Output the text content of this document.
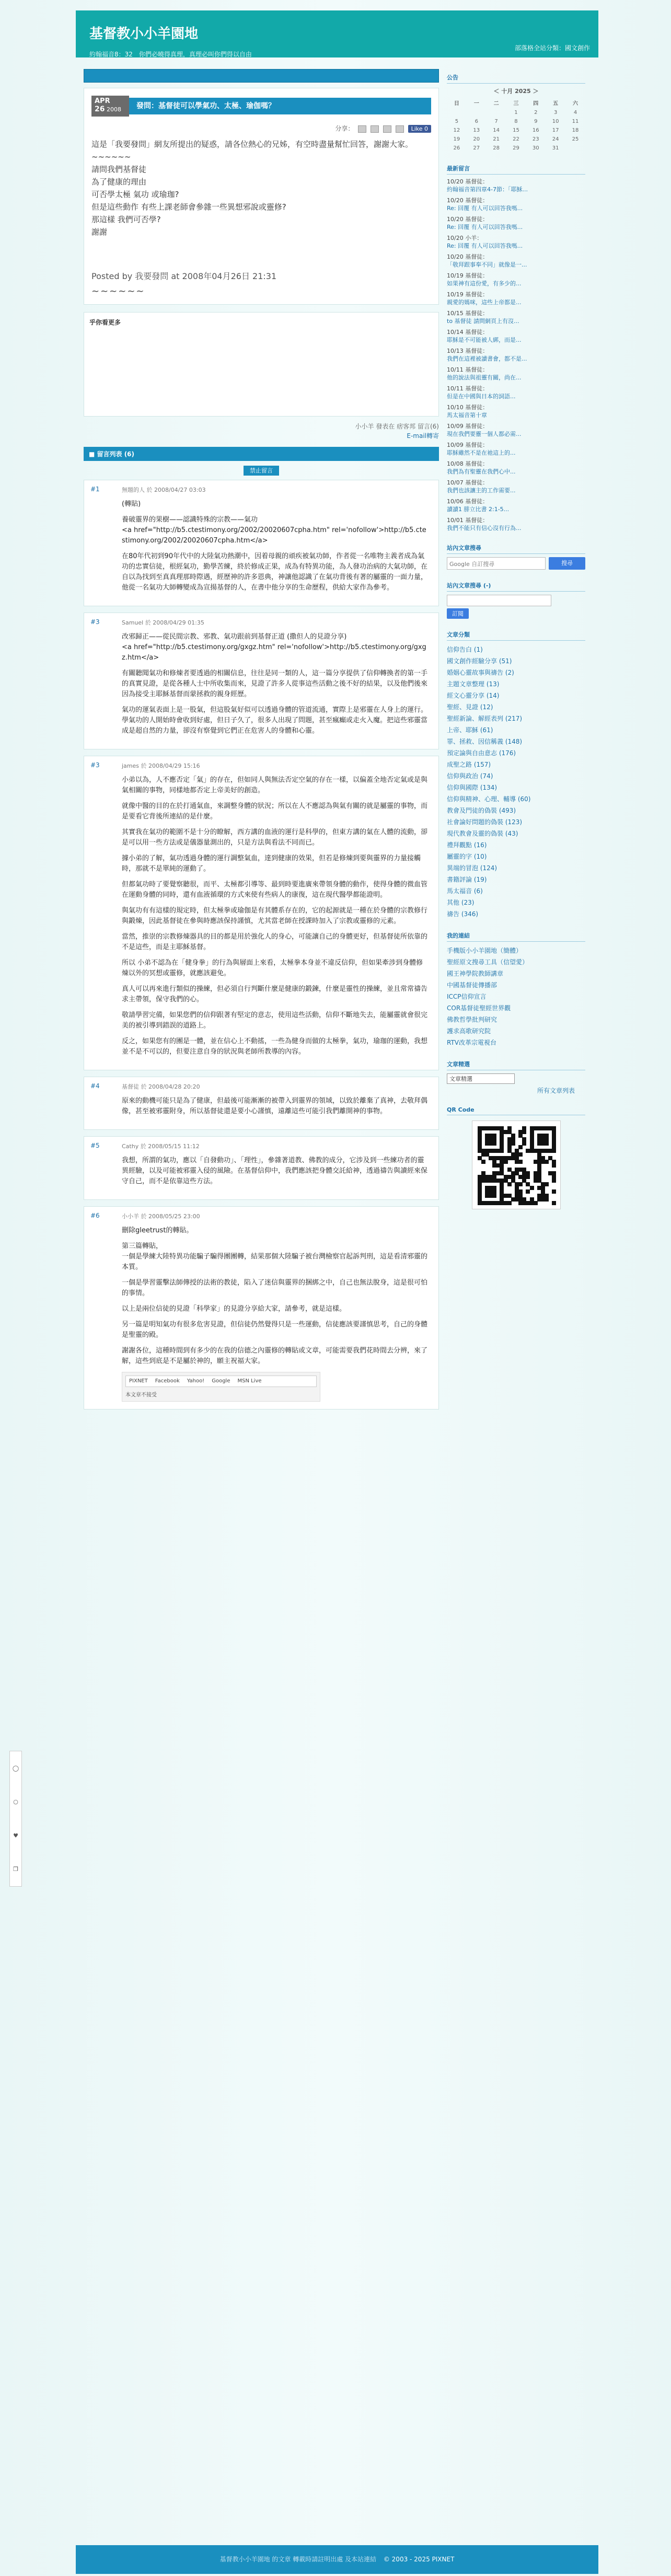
基督教小小羊園地
約翰福音8：32　你們必曉得真理，真理必叫你們得以自由
部落格全站分類：國文創作
APR
26 2008	發問：基督徒可以學氣功、太極、瑜伽嗎？
分享：	Like 0

這是「我要發問」網友所提出的疑惑，請各位熱心的兄姊，有空時盡量幫忙回答，謝謝大家。

~~~~~~

請問我們基督徒

為了健康的理由

可否學太極 氣功 或瑜珈?

但是這些動作 有些上課老師會參雜一些異想邪說或靈修?

那這樣 我們可否學?

謝謝

Posted by 我要發問 at 2008年04月26日 21:31
~~~~~~
乎你看更多
小小羊 發表在 痞客邦 留言(6)
E-mail轉寄
■ 留言列表 (6)
禁止留言
#1	無題的人 於 2008/04/27 03:03

(轉貼)

養破靈界的果樹——認識特殊的宗教——氣功
<a href="http://b5.ctestimony.org/2002/20020607cpha.htm" rel='nofollow'>http://b5.ctestimony.org/2002/20020607cpha.htm</a>

在80年代初到90年代中的大陸氣功熱潮中，因着母親的頑疾被氣功師，作者從一名唯物主義者成為氣功的忠實信徒，根經氣功，勤學苦練，終於修成正果，成為有特異功能，為人發功治病的大氣功師，在自以為找到至真真理那時際遇，經歷神的許多恩典，神讓他認識了在氣功背後有著的屬靈的一面力量，他從一名氣功大師轉變成為宣揚基督的人，在書中他分享的生命歷程，供給大家作為參考。

#3	Samuel 於 2008/04/29 01:35

改邪歸正——從民間宗教、邪教、氣功跟前到基督正道 (撒但人的見證分享)
<a href="http://b5.ctestimony.org/gxgz.htm" rel='nofollow'>http://b5.ctestimony.org/gxgz.htm</a>

有關聽聞氣功和修煉者要透過的相關信息，往往是同一類的人，這一篇分享提供了信仰轉換者的第一手的真實見證，是從各種人士中所收集而來，見證了許多人從事這些活動之後不好的結果，以及他們後來因為接受主耶穌基督而蒙拯救的親身經歷。

氣功的運氣表面上是一股氣，但這股氣好似可以透過身體的管道流通，實際上是邪靈在人身上的運行。學氣功的人開始時會收到好處，但日子久了，很多人出現了問題，甚至瘋癲或走火入魔。把這些邪靈當成是超自然的力量，卻沒有察覺到它們正在危害人的身體和心靈。

#3	james 於 2008/04/29 15:16

小弟以為，人不應否定「氣」的存在，但如同人與無法否定空氣的存在一樣，以偏蓋全地否定氣或是與氣相關的事物，同樣地都否定上帝美好的創造。

就像中醫的目的在於打通氣血，來調整身體的狀況；所以在人不應認為與氣有關的就是屬靈的事物，而是要看它背後所連結的是什麼。

其實我在氣功的範圍不是十分的瞭解，西方講的血液的運行是科學的，但東方講的氣在人體的流動，卻是可以用一些方法或是儀器量測出的，只是方法與看法不同而已。

據小弟的了解，氣功透過身體的運行調整氣血，達到健康的效果，但若是修煉到要與靈界的力量接觸時，那就不是單純的運動了。

但都氣功時了要覺察聽很，而平、太極都引導等、最到時要進廣來帶領身體的動作，使得身體的微血管在運動身體的同時，還有血液循環的方式來使有些病人的康復，這在現代醫學都能證明。

與氣功有有這樣的規定時，但太極拳或瑜伽是有其體系存在的，它的起源就是一種在於身體的宗教修行與鍛煉，因此基督徒在參與時應該保持謹慎，尤其當老師在授課時加入了宗教或靈修的元素。

當然，推崇的宗教修煉器具的目的都是用於強化人的身心，可能讓自己的身體更好，但基督徒所依靠的不是這些，而是主耶穌基督。

所以 小弟不認為在「健身拳」的行為與層面上來看，太極拳本身並不違反信仰，但如果牽涉到身體修煉以外的冥想或靈修，就應該避免。

真人可以再來進行類似的操練，但必須自行判斷什麼是健康的鍛鍊，什麼是靈性的操練，並且常常禱告求主帶領，保守我們的心。

敬請學習完備，如果您們的信仰跟著有堅定的意志，使用這些活動，信仰不斷地失去，能屬靈就會很完美的被引導到錯誤的道路上。

反之，如果您有的團是一體，並在信心上不動搖，一些為健身而做的太極拳，氣功，瑜珈的運動，我想並不是不可以的，但要注意自身的狀況與老師所教導的內容。

#4	基督徒 於 2008/04/28 20:20

原來的動機可能只是為了健康，但最後可能漸漸的被帶入到靈界的領域，以致於離棄了真神，去敬拜偶像，甚至被邪靈附身，所以基督徒還是要小心謹慎，遠離這些可能引我們離開神的事物。

#5	Cathy 於 2008/05/15 11:12

我想，所謂的氣功，應以「自發動功」、「理性」，參雜著道教、佛教的成分，它涉及到一些練功者的靈異經驗，以及可能被邪靈入侵的風險。在基督信仰中，我們應該把身體交託給神，透過禱告與讀經來保守自己，而不是依靠這些方法。

#6	小小羊 於 2008/05/25 23:00

刪除gleetrust的轉貼。

第三篇轉貼，
一個是學練大陸特異功能騙子騙得團團轉，結果那個大陸騙子被台灣檢察官起訴判刑，這是看清邪靈的本質。

一個是學習靈擊法師傳授的法術的教徒，陷入了迷信與靈界的捆綁之中，自己也無法脫身，這是很可怕的事情。

以上是兩位信徒的見證「科學家」的見證分享給大家，請參考，就是這樣。

另一篇是明知氣功有很多危害見證，但信徒仍然覺得只是一些運動，信徒應該要謹慎思考，自己的身體是聖靈的殿。

謝謝各位，這種時間到有多少的在我的信德之內靈修的轉貼或文章，可能需要我們花時間去分辨，來了解，這些到底是不是屬於神的，願主祝福大家。

PIXNET Facebook Yahoo! Google MSN Live
本文章不接受
公告
＜ 十月 2025 ＞
日	一	二	三	四	五	六
			1	2	3	4
5	6	7	8	9	10	11
12	13	14	15	16	17	18
19	20	21	22	23	24	25
26	27	28	29	30	31	
最新留言
10/20 基督徒：
約翰福音第四章4-7節：「耶穌...
10/20 基督徒：
Re: 回覆 有人可以回答我嗎...
10/20 基督徒：
Re: 回覆 有人可以回答我嗎...
10/20 小羊：
Re: 回覆 有人可以回答我嗎...
10/20 基督徒：
「敬拜跟事奉不同」就像是一...
10/19 基督徒：
如果神有這份愛，有多少的...
10/19 基督徒：
親愛的媽咪，這些上帝都是...
10/15 基督徒：
to 基督徒 請問網頁上有沒...
10/14 基督徒：
耶穌是不可能被人綁，而是...
10/13 基督徒：
我們在這裡被讀書會，都不是...
10/11 基督徒：
他的說法與祖靈有關，尚在...
10/11 基督徒：
但是在中國與日本的詞語...
10/10 基督徒：
馬太福音第十章
10/09 基督徒：
現在我們要靈一個人都必需...
10/09 基督徒：
耶穌雖然不是在祂這上的...
10/08 基督徒：
我們為有聖靈在我們心中...
10/07 基督徒：
我們也該讓主的工作需要...
10/06 基督徒：
讀讀1 腓立比書 2:1-5...
10/01 基督徒：
我們不能只有信心沒有行為...
站內文章搜尋
Google 自訂搜尋	搜尋
站內文章搜尋 (-)
訂閱
文章分類
信仰告白 (1)
國文創作經驗分享 (51)
婚姻心靈故事與禱告 (2)
主題文章整理 (13)
經文心靈分享 (14)
聖經、見證 (12)
聖經新論、解經表列 (217)
上帝、耶穌 (61)
罪、拯救、因信稱義 (148)
預定論與自由意志 (176)
成聖之路 (157)
信仰與政治 (74)
信仰與國際 (134)
信仰與精神、心理、輔導 (60)
教會及門徒的偽裝 (493)
社會論好問題的偽裝 (123)
現代教會及靈的偽裝 (43)
禮拜觀點 (16)
屬靈的字 (10)
異端的冒泡 (124)
書籍評論 (19)
馬太福音 (6)
其他 (23)
禱告 (346)
我的連結
手機版小小羊園地（簡體）
聖經原文搜尋工具（信望愛）
國王神學院教師講章
中國基督徒傳播部
ICCP信仰宣言
COR基督徒聖經世界觀
佛教哲學批判研究
護求高歌研究院
RTV改革宗電視台
文章精選
文章精選
所有文章列表
QR Code
◯
○
♥
❒
基督教小小羊園地 的文章 轉載時請註明出處 及本站連結 © 2003 - 2025 PIXNET
